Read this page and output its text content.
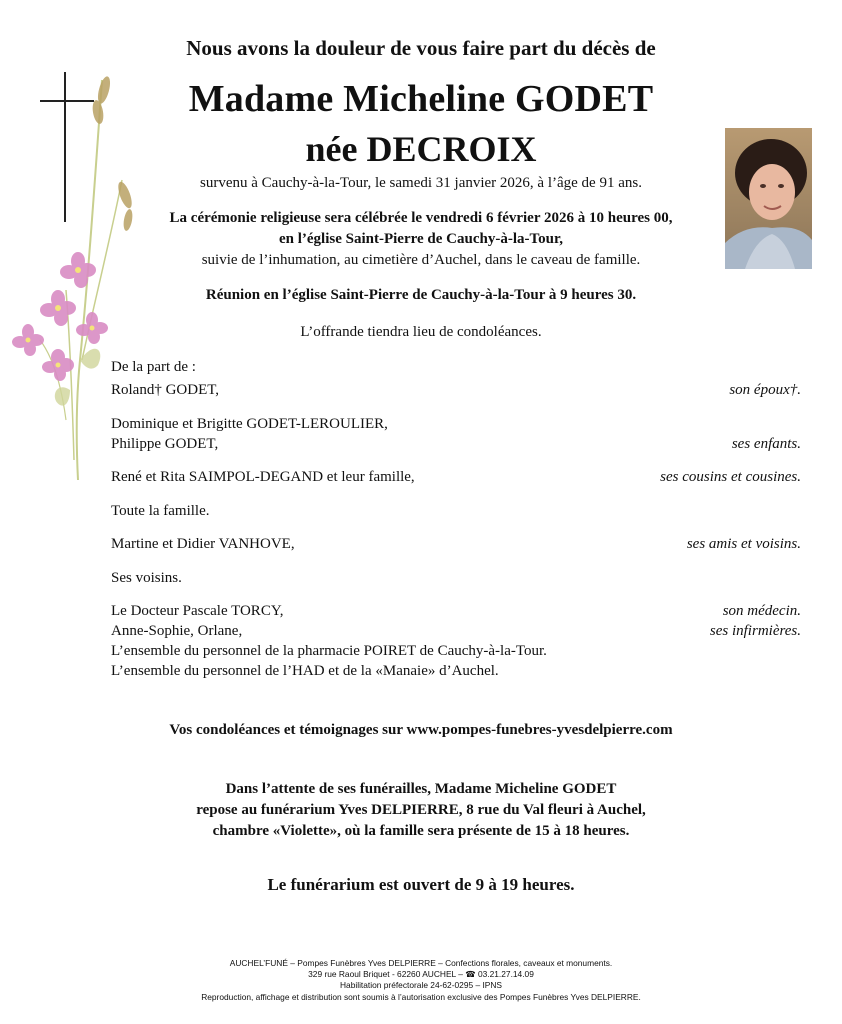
Nous avons la douleur de vous faire part du décès de
Madame Micheline GODET
née DECROIX
survenu à Cauchy-à-la-Tour, le samedi 31 janvier 2026, à l’âge de 91 ans.
La cérémonie religieuse sera célébrée le vendredi 6 février 2026 à 10 heures 00,
en l’église Saint-Pierre de Cauchy-à-la-Tour,
suivie de l’inhumation, au cimetière d’Auchel, dans le caveau de famille.
Réunion en l’église Saint-Pierre de Cauchy-à-la-Tour à 9 heures 30.
L’offrande tiendra lieu de condoléances.
De la part de :
Roland† GODET,	son époux†.
Dominique et Brigitte GODET-LEROULIER,
Philippe GODET,	ses enfants.
René et Rita SAIMPOL-DEGAND et leur famille,	ses cousins et cousines.
Toute la famille.
Martine et Didier VANHOVE,	ses amis et voisins.
Ses voisins.
Le Docteur Pascale TORCY,	son médecin.
Anne-Sophie, Orlane,	ses infirmières.
L’ensemble du personnel de la pharmacie POIRET de Cauchy-à-la-Tour.
L’ensemble du personnel de l’HAD et de la «Manaie» d’Auchel.
Vos condoléances et témoignages sur www.pompes-funebres-yvesdelpierre.com
Dans l’attente de ses funérailles, Madame Micheline GODET
repose au funérarium Yves DELPIERRE, 8 rue du Val fleuri à Auchel,
chambre «Violette», où la famille sera présente de 15 à 18 heures.
Le funérarium est ouvert de 9 à 19 heures.
AUCHEL’FUNÉ – Pompes Funèbres Yves DELPIERRE – Confections florales, caveaux et monuments.
329 rue Raoul Briquet - 62260 AUCHEL – ☎ 03.21.27.14.09
Habilitation préfectorale 24-62-0295 – IPNS
Reproduction, affichage et distribution sont soumis à l’autorisation exclusive des Pompes Funèbres Yves DELPIERRE.
